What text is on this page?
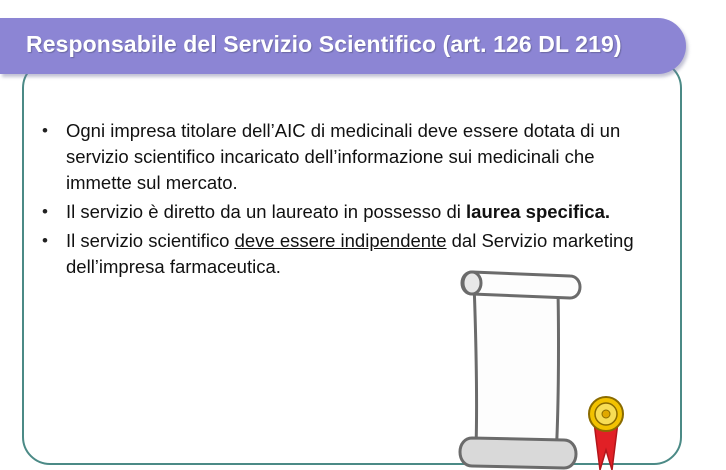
Responsabile del Servizio Scientifico (art. 126 DL 219)
• Ogni impresa titolare dell’AIC di medicinali deve essere dotata di un servizio scientifico incaricato dell’informazione sui medicinali che immette sul mercato.
• Il servizio è diretto da un laureato in possesso di laurea specifica.
• Il servizio scientifico deve essere indipendente dal Servizio marketing dell’impresa farmaceutica.
